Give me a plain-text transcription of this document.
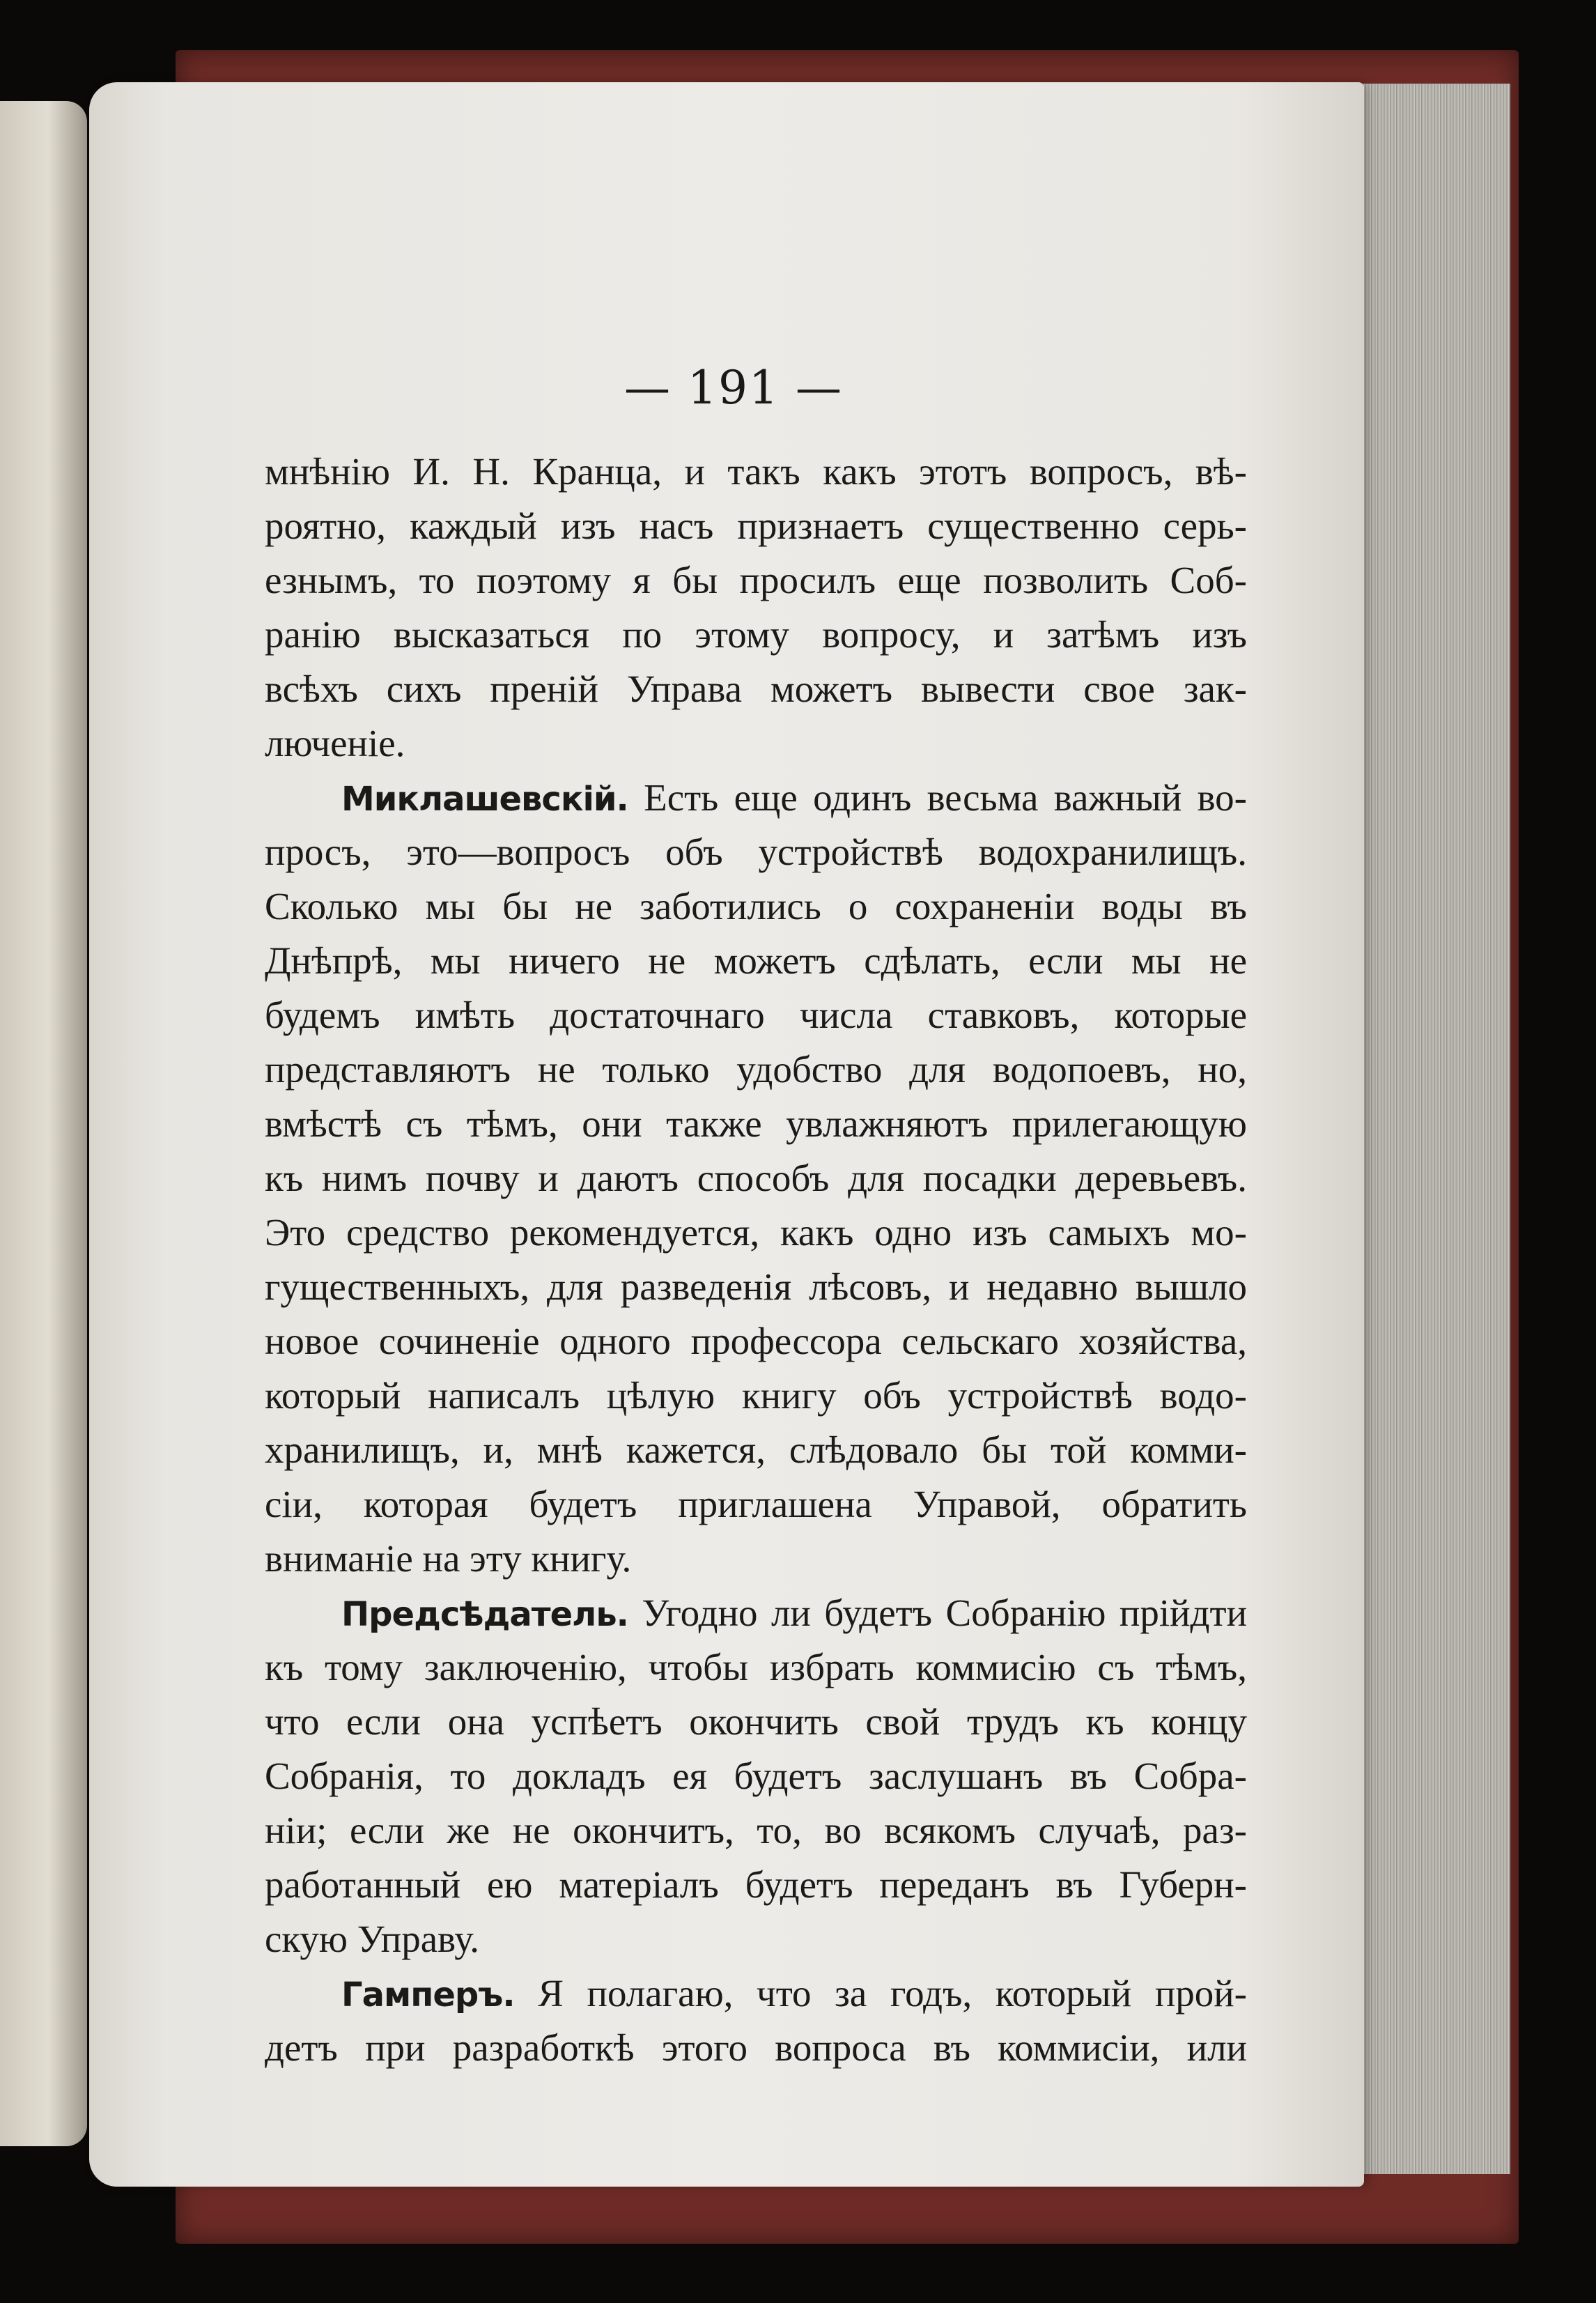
— 191 —
мнѣнію И. Н. Кранца, и такъ какъ этотъ вопросъ, вѣ-
роятно, каждый изъ насъ признаетъ существенно серь-
езнымъ, то поэтому я бы просилъ еще позволить Соб-
ранію высказаться по этому вопросу, и затѣмъ изъ
всѣхъ сихъ преній Управа можетъ вывести свое зак-
люченіе.
Миклашевскій. Есть еще одинъ весьма важный во-
просъ, это—вопросъ объ устройствѣ водохранилищъ.
Сколько мы бы не заботились о сохраненіи воды въ
Днѣпрѣ, мы ничего не можетъ сдѣлать, если мы не
будемъ имѣть достаточнаго числа ставковъ, которые
представляютъ не только удобство для водопоевъ, но,
вмѣстѣ съ тѣмъ, они также увлажняютъ прилегающую
къ нимъ почву и даютъ способъ для посадки деревьевъ.
Это средство рекомендуется, какъ одно изъ самыхъ мо-
гущественныхъ, для разведенія лѣсовъ, и недавно вышло
новое сочиненіе одного профессора сельскаго хозяйства,
который написалъ цѣлую книгу объ устройствѣ водо-
хранилищъ, и, мнѣ кажется, слѣдовало бы той комми-
сіи, которая будетъ приглашена Управой, обратить
вниманіе на эту книгу.
Предсѣдатель. Угодно ли будетъ Собранію прійдти
къ тому заключенію, чтобы избрать коммисію съ тѣмъ,
что если она успѣетъ окончить свой трудъ къ концу
Собранія, то докладъ ея будетъ заслушанъ въ Собра-
ніи; если же не окончитъ, то, во всякомъ случаѣ, раз-
работанный ею матеріалъ будетъ переданъ въ Губерн-
скую Управу.
Гамперъ. Я полагаю, что за годъ, который прой-
детъ при разработкѣ этого вопроса въ коммисіи, или
